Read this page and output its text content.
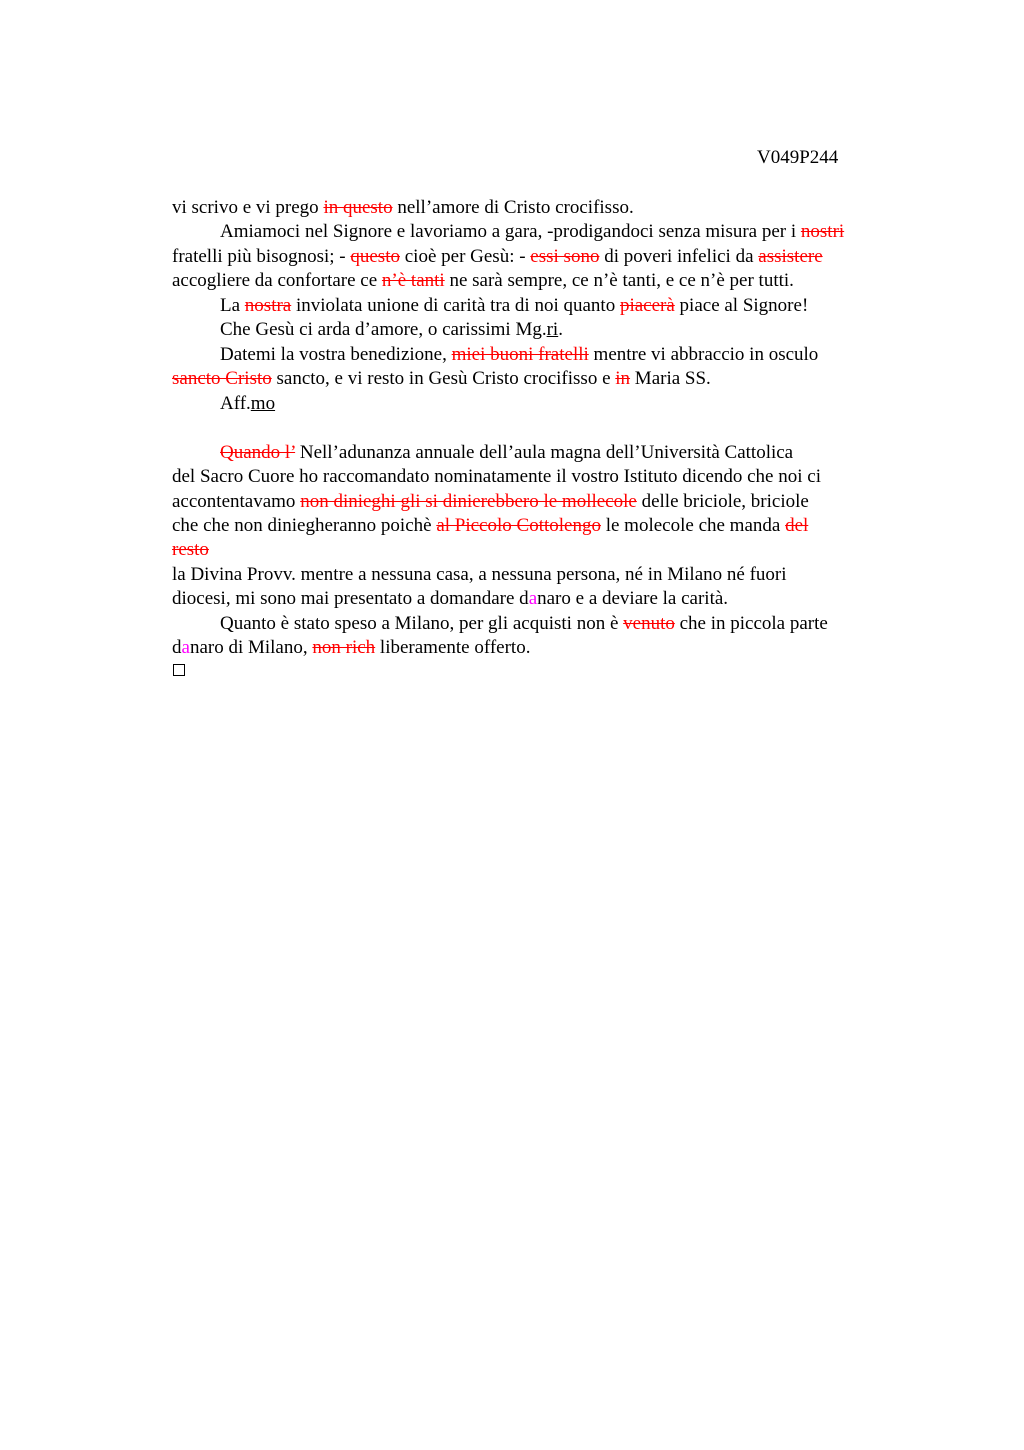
V049P244
vi scrivo e vi prego in questo nell’amore di Cristo crocifisso.
Amiamoci nel Signore e lavoriamo a gara, -prodigandoci senza misura per i nostri
fratelli più bisognosi; - questo cioè per Gesù: - essi sono di poveri infelici da assistere
accogliere da confortare ce n’è tanti ne sarà sempre, ce n’è tanti, e ce n’è per tutti.
La nostra inviolata unione di carità tra di noi quanto piacerà piace al Signore!
Che Gesù ci arda d’amore, o carissimi Mg.ri.
Datemi la vostra benedizione, miei buoni fratelli mentre vi abbraccio in osculo
sancto Cristo sancto, e vi resto in Gesù Cristo crocifisso e in Maria SS.
Aff.mo
Quando l’ Nell’adunanza annuale dell’aula magna dell’Università Cattolica
del Sacro Cuore ho raccomandato nominatamente il vostro Istituto dicendo che noi ci
accontentavamo non dinieghi gli si dinierebbero le mollecole delle briciole, briciole
che che non diniegheranno poichè al Piccolo Cottolengo le molecole che manda del
resto
la Divina Provv. mentre a nessuna casa, a nessuna persona, né in Milano né fuori
diocesi, mi sono mai presentato a domandare danaro e a deviare la carità.
Quanto è stato speso a Milano, per gli acquisti non è venuto che in piccola parte
danaro di Milano, non rich liberamente offerto.
